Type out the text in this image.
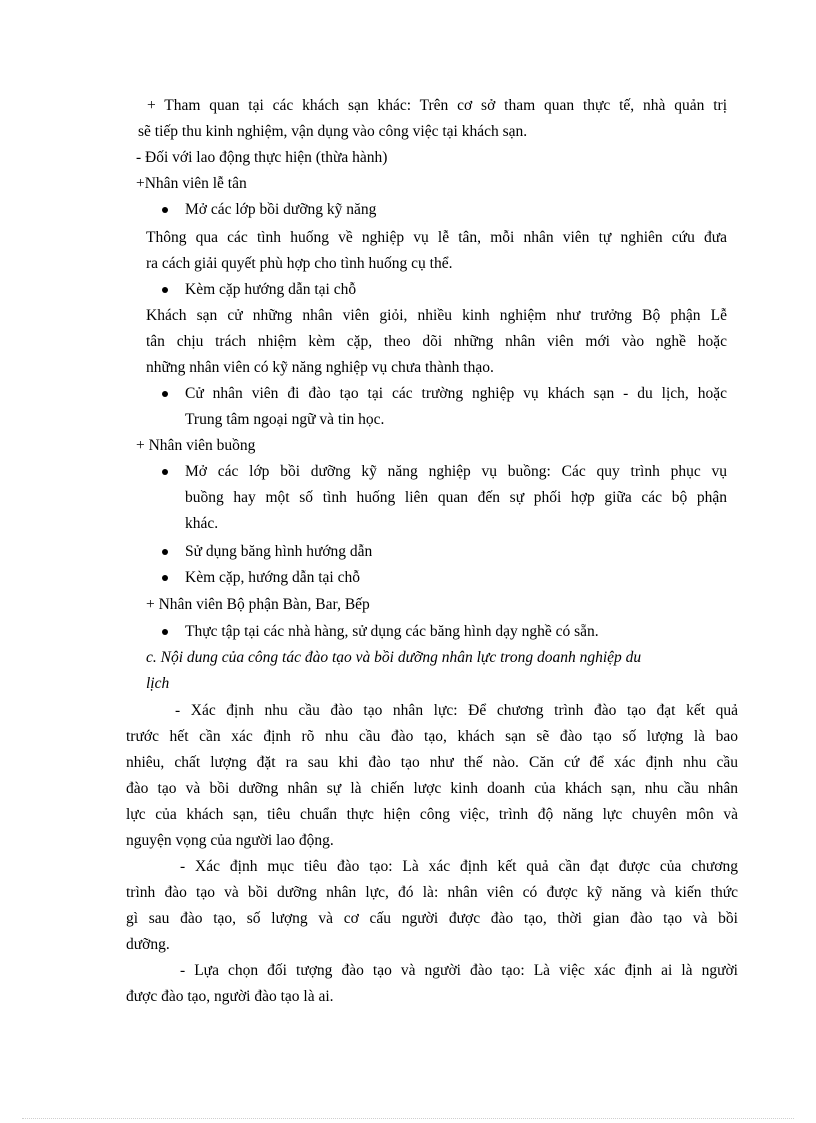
+ Tham quan tại các khách sạn khác: Trên cơ sở tham quan thực tế, nhà quản trị
sẽ tiếp thu kinh nghiệm, vận dụng vào công việc tại khách sạn.
- Đối với lao động thực hiện (thừa hành)
+Nhân viên lễ tân
Mở các lớp bồi dưỡng kỹ năng
Thông qua các tình huống về nghiệp vụ lễ tân, mỗi nhân viên tự nghiên cứu đưa
ra cách giải quyết phù hợp cho tình huống cụ thể.
Kèm cặp hướng dẫn tại chỗ
Khách sạn cử những nhân viên giỏi, nhiều kinh nghiệm như trưởng Bộ phận Lễ
tân chịu trách nhiệm kèm cặp, theo dõi những nhân viên mới vào nghề hoặc
những nhân viên có kỹ năng nghiệp vụ chưa thành thạo.
Cử nhân viên đi đào tạo tại các trường nghiệp vụ khách sạn - du lịch, hoặc
Trung tâm ngoại ngữ và tin học.
+ Nhân viên buồng
Mở các lớp bồi dưỡng kỹ năng nghiệp vụ buồng: Các quy trình phục vụ
buồng hay một số tình huống liên quan đến sự phối hợp giữa các bộ phận
khác.
Sử dụng băng hình hướng dẫn
Kèm cặp, hướng dẫn tại chỗ
+ Nhân viên Bộ phận Bàn, Bar, Bếp
Thực tập tại các nhà hàng, sử dụng các băng hình dạy nghề có sẵn.
c. Nội dung của công tác đào tạo và bồi dưỡng nhân lực trong doanh nghiệp du
lịch
- Xác định nhu cầu đào tạo nhân lực: Để chương trình đào tạo đạt kết quả
trước hết cần xác định rõ nhu cầu đào tạo, khách sạn sẽ đào tạo số lượng là bao
nhiêu, chất lượng đặt ra sau khi đào tạo như thế nào. Căn cứ để xác định nhu cầu
đào tạo và bồi dưỡng nhân sự là chiến lược kinh doanh của khách sạn, nhu cầu nhân
lực của khách sạn, tiêu chuẩn thực hiện công việc, trình độ năng lực chuyên môn và
nguyện vọng của người lao động.
- Xác định mục tiêu đào tạo: Là xác định kết quả cần đạt được của chương
trình đào tạo và bồi dưỡng nhân lực, đó là: nhân viên có được kỹ năng và kiến thức
gì sau đào tạo, số lượng và cơ cấu người được đào tạo, thời gian đào tạo và bồi
dưỡng.
- Lựa chọn đối tượng đào tạo và người đào tạo: Là việc xác định ai là người
được đào tạo, người đào tạo là ai.
